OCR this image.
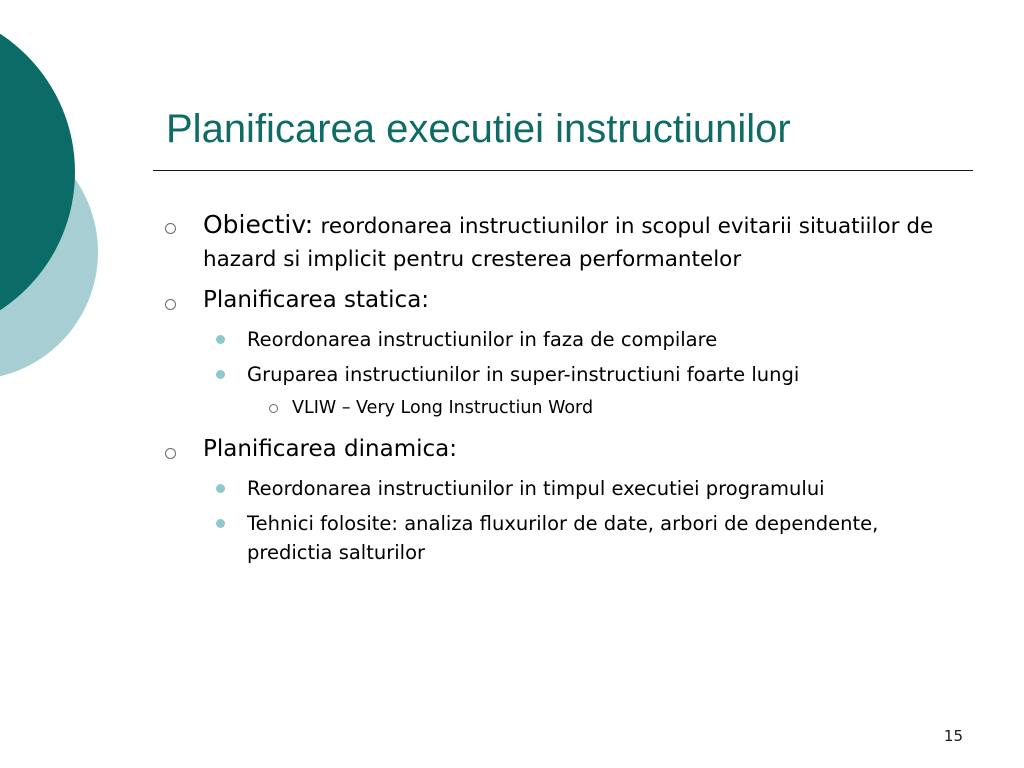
Planificarea executiei instructiunilor
Obiectiv: reordonarea instructiunilor in scopul evitarii situatiilor de hazard si implicit pentru cresterea performantelor
Planificarea statica:
Reordonarea instructiunilor in faza de compilare
Gruparea instructiunilor in super-instructiuni foarte lungi
VLIW – Very Long Instructiun Word
Planificarea dinamica:
Reordonarea instructiunilor in timpul executiei programului
Tehnici folosite: analiza fluxurilor de date, arbori de dependente, predictia salturilor
15
